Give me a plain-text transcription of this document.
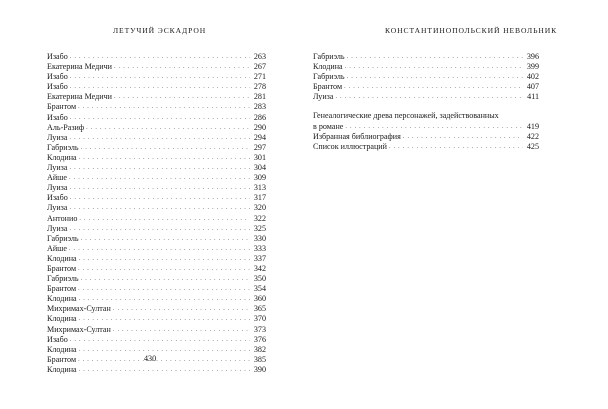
ЛЕТУЧИЙ ЭСКАДРОН
Изабо . . .	263
Екатерина Медичи . . .	267
Изабо . . .	271
Изабо . . .	278
Екатерина Медичи . . .	281
Брантом . . .	283
Изабо . . .	286
Аль-Разиф . . .	290
Луиза . . .	294
Габриэль . . .	297
Клодина . . .	301
Луиза . . .	304
Айше . . .	309
Луиза . . .	313
Изабо . . .	317
Луиза . . .	320
Антонио . . .	322
Луиза . . .	325
Габриэль . . .	330
Айше . . .	333
Клодина . . .	337
Брантом . . .	342
Габриэль . . .	350
Брантом . . .	354
Клодина . . .	360
Михримах-Султан . . .	365
Клодина . . .	370
Михримах-Султан . . .	373
Изабо . . .	376
Клодина . . .	382
Брантом . . .	385
Клодина . . .	390
430
КОНСТАНТИНОПОЛЬСКИЙ НЕВОЛЬНИК
Габриэль . . .	396
Клодина . . .	399
Габриэль . . .	402
Брантом . . .	407
Луиза . . .	411
Генеалогические древа персонажей, задействованных
в романе . . .	419
Избранная библиография . . .	422
Список иллюстраций . . .	425
